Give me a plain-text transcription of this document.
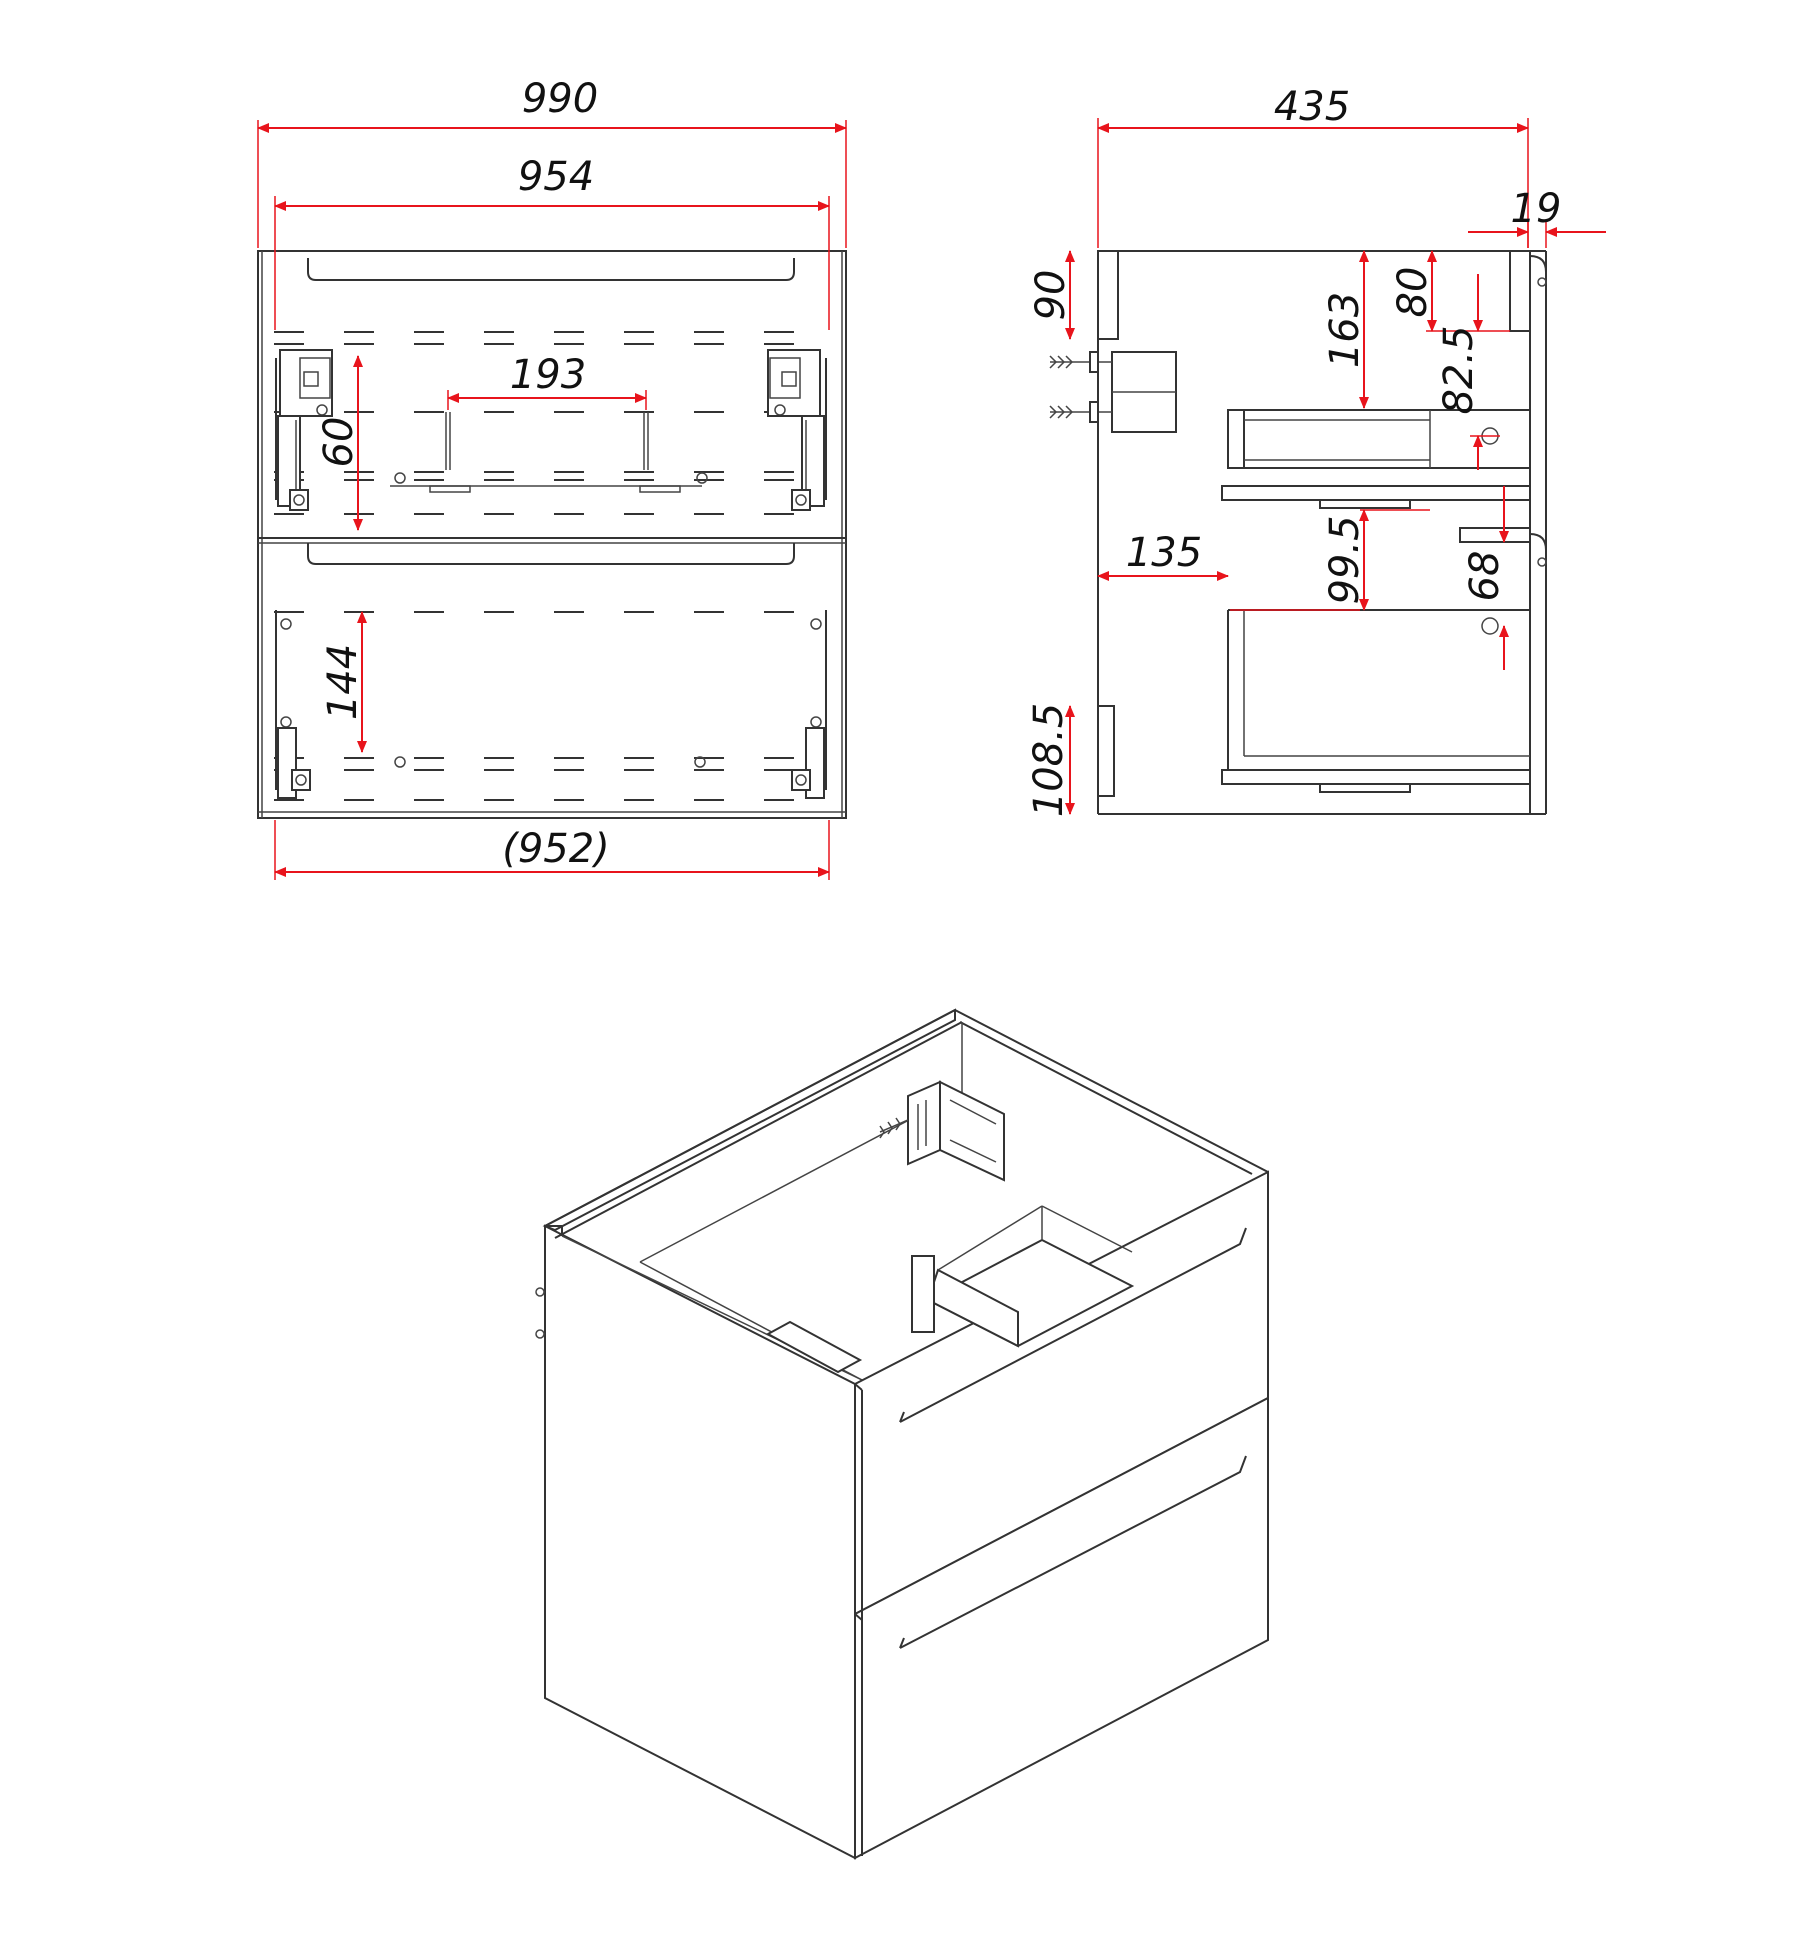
990
954
193
60
144
(952)
435
19
90	163 80
82.5
99.5 68
135
108.5
